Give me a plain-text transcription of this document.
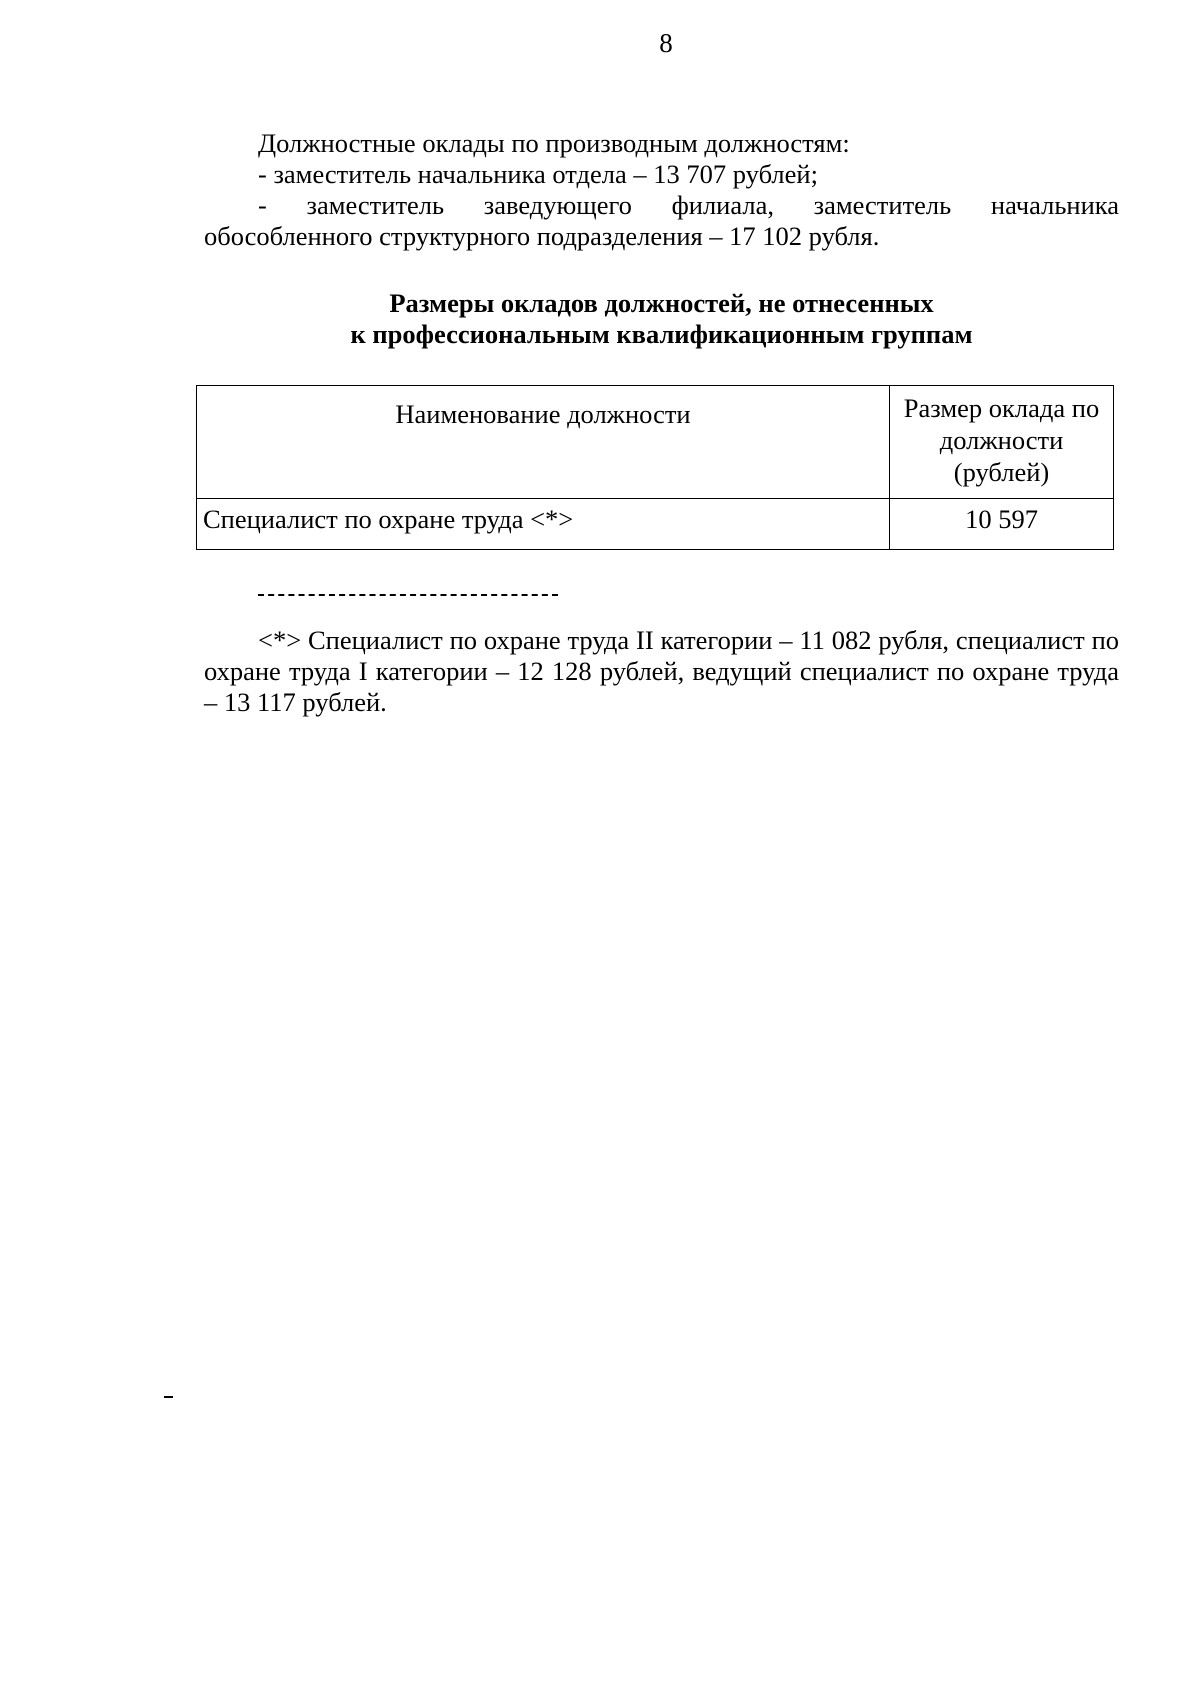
8

Должностные оклады по производным должностям:

- заместитель начальника отдела – 13 707 рублей;

- заместитель заведующего филиала, заместитель начальника обособленного структурного подразделения – 17 102 рубля.

Размеры окладов должностей, не отнесенных
к профессиональным квалификационным группам
Наименование должности	Размер оклада по
должности
(рублей)

Специалист по охране труда <*>	10 597

<*> Специалист по охране труда II категории – 11 082 рубля, специалист по охране труда I категории – 12 128 рублей, ведущий специалист по охране труда – 13 117 рублей.
